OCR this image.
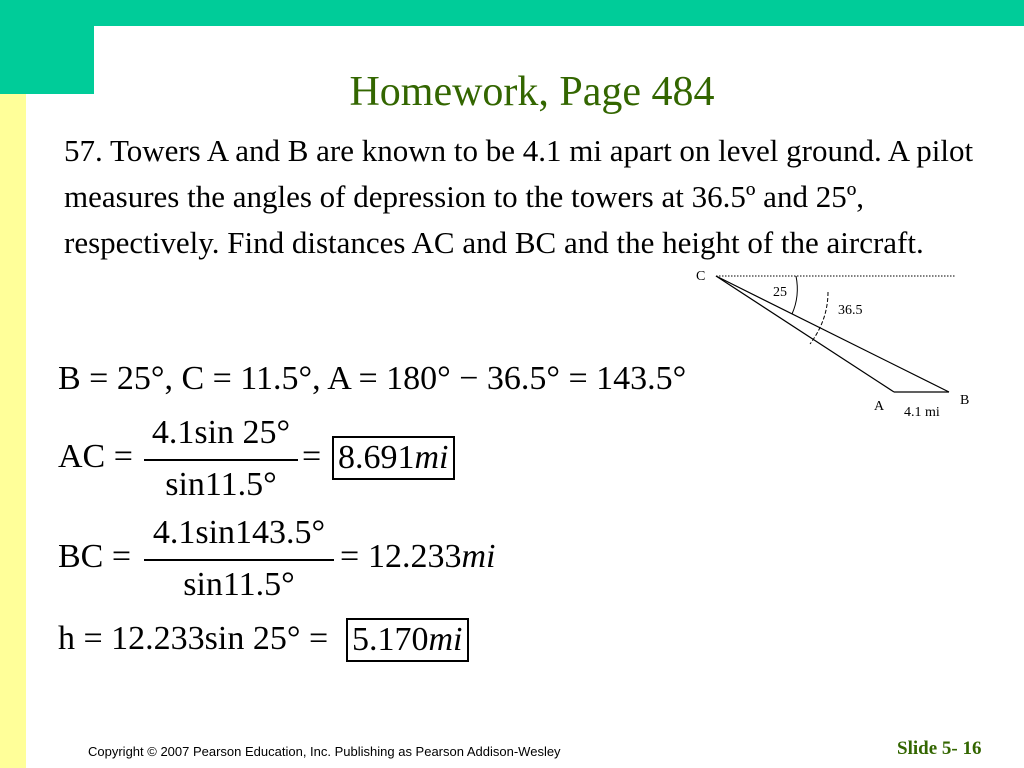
Homework, Page 484

57. Towers A and B are known to be 4.1 mi apart on level ground. A pilot measures the angles of depression to the towers at 36.5º and 25º, respectively. Find distances AC and BC and the height of the aircraft.

C
25
36.5
A	B
4.1 mi
B = 25°, C = 11.5°, A = 180° − 36.5° = 143.5°
AC =
4.1sin 25°
sin11.5°
= 8.691mi
BC =
4.1sin143.5°
sin11.5°
= 12.233mi
h = 12.233sin 25° = 5.170mi
Copyright © 2007 Pearson Education, Inc. Publishing as Pearson Addison-Wesley	Slide 5- 16
